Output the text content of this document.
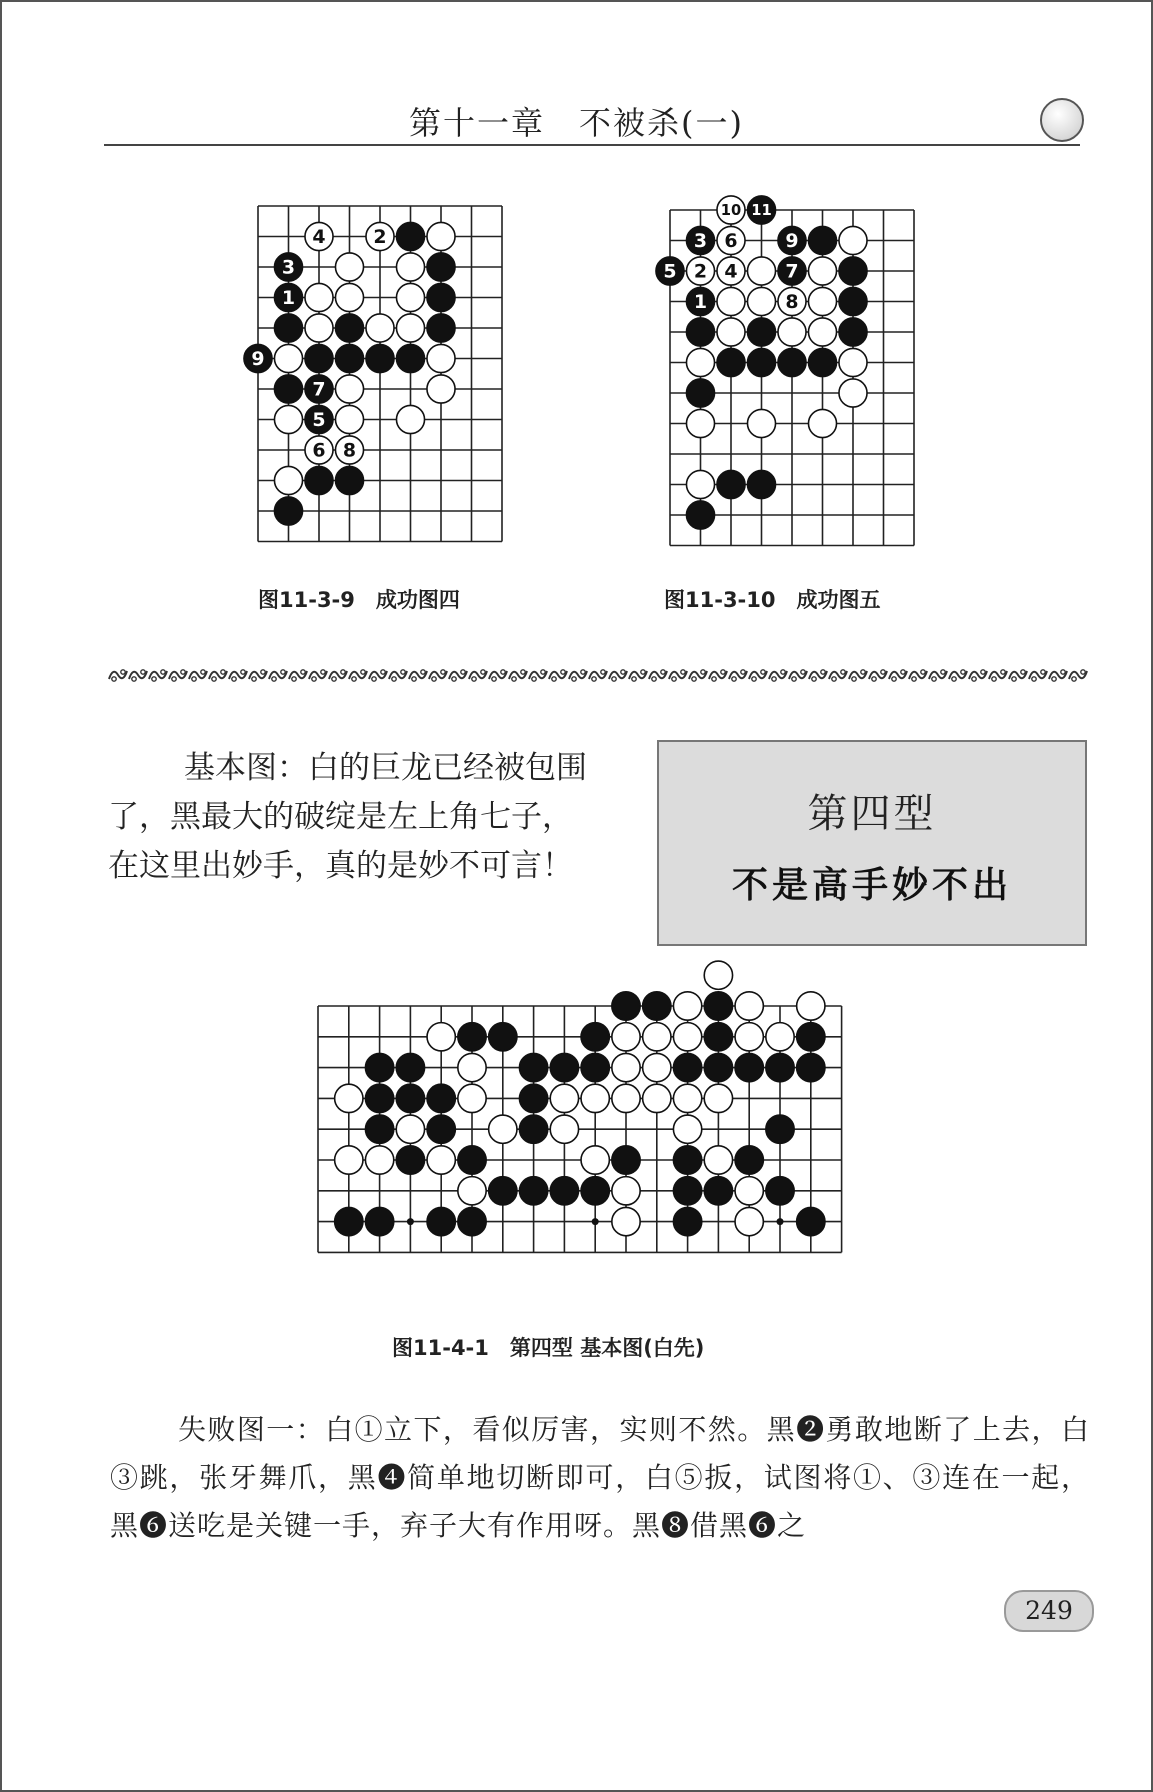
第十一章　不被杀(一)
4	2
3
1
9
7
5
6 8
图11-3-9　成功图四
10 11
3 6	9
5 2 4	7
1	8
图11-3-10　成功图五
基本图：白的巨龙已经被包围了，黑最大的破绽是左上角七子，在这里出妙手，真的是妙不可言！
第四型
不是高手妙不出
图11-4-1　第四型 基本图(白先)
失败图一：白①立下，看似厉害，实则不然。黑❷勇敢地断了上去，白③跳，张牙舞爪，黑❹简单地切断即可，白⑤扳，试图将①、③连在一起，黑❻送吃是关键一手，弃子大有作用呀。黑❽借黑❻之
249
